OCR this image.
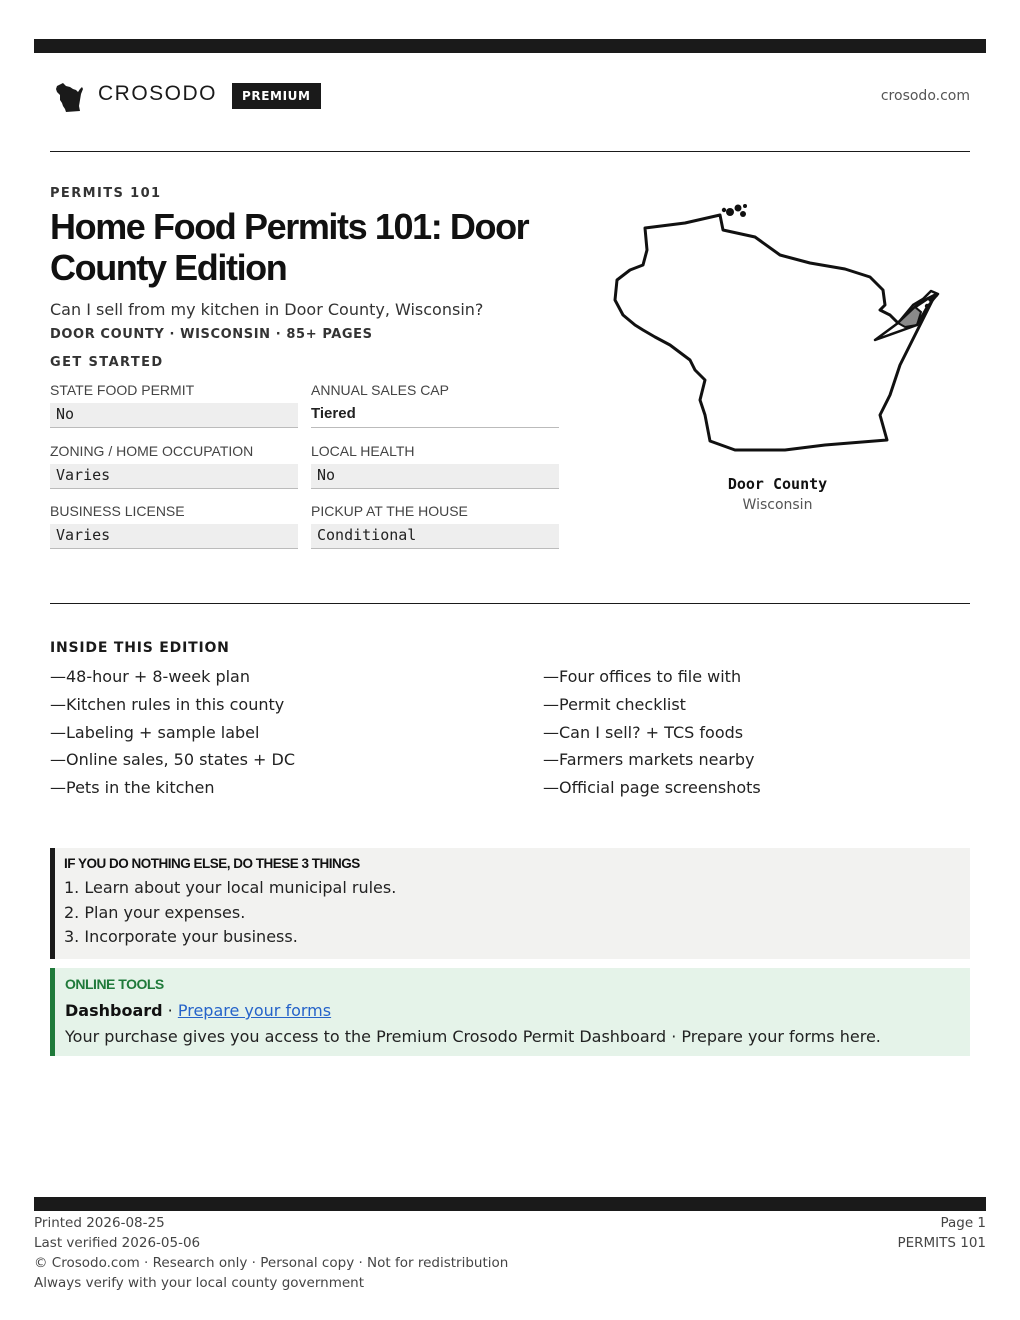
CROSODO	PREMIUM	crosodo.com
PERMITS 101
Home Food Permits 101: Door County Edition
Can I sell from my kitchen in Door County, Wisconsin?
DOOR COUNTY · WISCONSIN · 85+ PAGES
GET STARTED
STATE FOOD PERMIT
No
ANNUAL SALES CAP
Tiered
ZONING / HOME OCCUPATION
Varies
LOCAL HEALTH
No
BUSINESS LICENSE
Varies
PICKUP AT THE HOUSE
Conditional
Door County
Wisconsin
INSIDE THIS EDITION
—48-hour + 8-week plan
—Kitchen rules in this county
—Labeling + sample label
—Online sales, 50 states + DC
—Pets in the kitchen
—Four offices to file with
—Permit checklist
—Can I sell? + TCS foods
—Farmers markets nearby
—Official page screenshots
IF YOU DO NOTHING ELSE, DO THESE 3 THINGS
1. Learn about your local municipal rules.
2. Plan your expenses.
3. Incorporate your business.
ONLINE TOOLS
Dashboard · Prepare your forms
Your purchase gives you access to the Premium Crosodo Permit Dashboard · Prepare your forms here.
Printed 2026-08-25
Last verified 2026-05-06
© Crosodo.com · Research only · Personal copy · Not for redistribution
Always verify with your local county government
Page 1
PERMITS 101
